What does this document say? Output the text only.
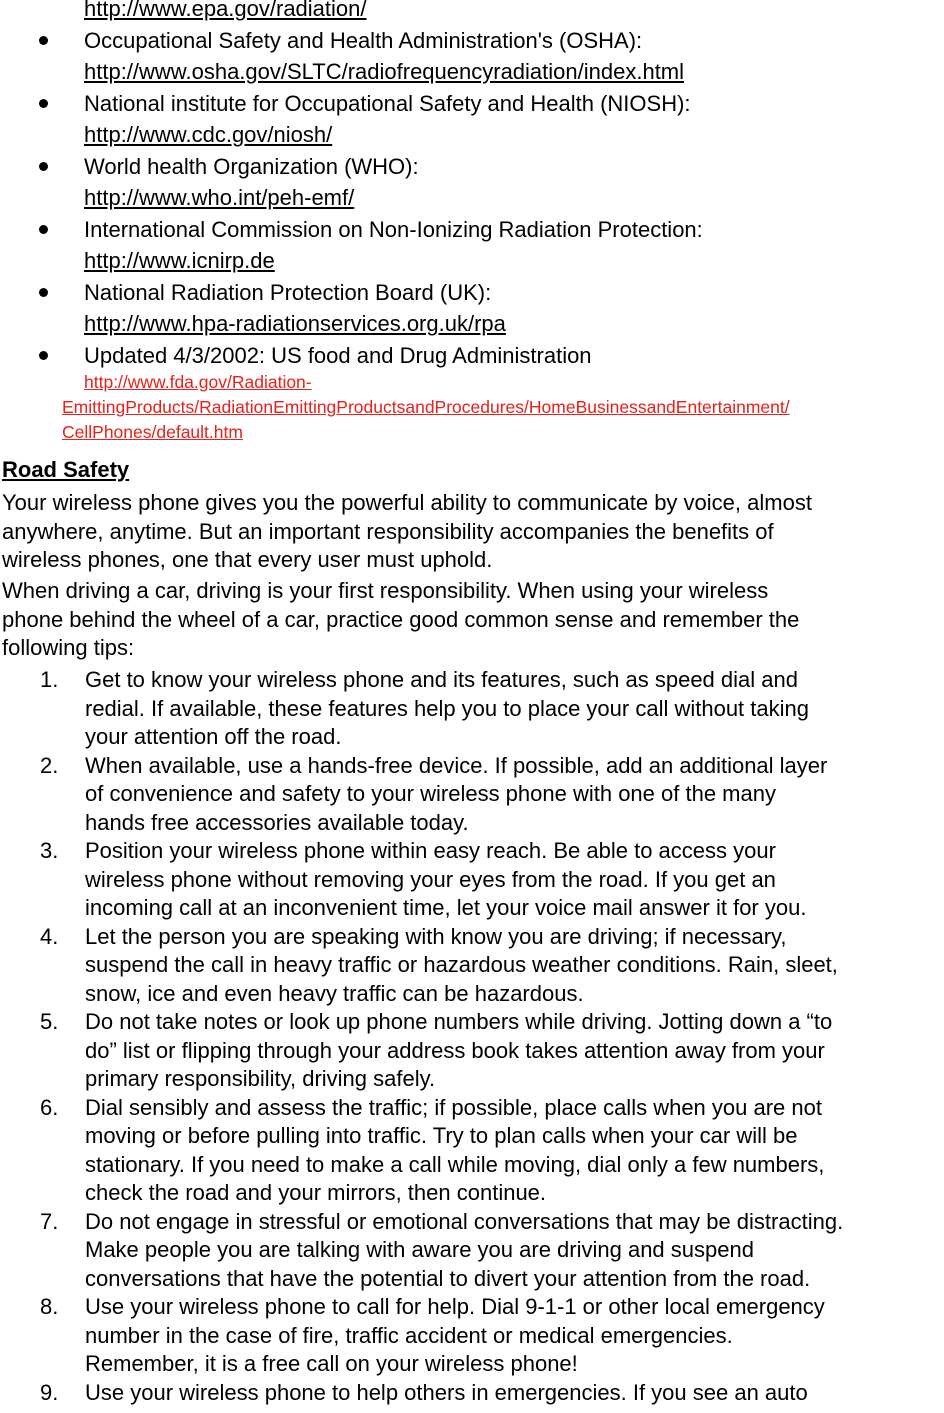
http://www.epa.gov/radiation/
Occupational Safety and Health Administration's (OSHA):
http://www.osha.gov/SLTC/radiofrequencyradiation/index.html
National institute for Occupational Safety and Health (NIOSH):
http://www.cdc.gov/niosh/
World health Organization (WHO):
http://www.who.int/peh-emf/
International Commission on Non-Ionizing Radiation Protection:
http://www.icnirp.de
National Radiation Protection Board (UK):
http://www.hpa-radiationservices.org.uk/rpa
Updated 4/3/2002: US food and Drug Administration
http://www.fda.gov/Radiation-
EmittingProducts/RadiationEmittingProductsandProcedures/HomeBusinessandEntertainment/
CellPhones/default.htm
Road Safety
Your wireless phone gives you the powerful ability to communicate by voice, almost
anywhere, anytime. But an important responsibility accompanies the benefits of
wireless phones, one that every user must uphold.
When driving a car, driving is your first responsibility. When using your wireless
phone behind the wheel of a car, practice good common sense and remember the
following tips:
1. Get to know your wireless phone and its features, such as speed dial and
redial. If available, these features help you to place your call without taking
your attention off the road.
2. When available, use a hands-free device. If possible, add an additional layer
of convenience and safety to your wireless phone with one of the many
hands free accessories available today.
3. Position your wireless phone within easy reach. Be able to access your
wireless phone without removing your eyes from the road. If you get an
incoming call at an inconvenient time, let your voice mail answer it for you.
4. Let the person you are speaking with know you are driving; if necessary,
suspend the call in heavy traffic or hazardous weather conditions. Rain, sleet,
snow, ice and even heavy traffic can be hazardous.
5. Do not take notes or look up phone numbers while driving. Jotting down a “to
do” list or flipping through your address book takes attention away from your
primary responsibility, driving safely.
6. Dial sensibly and assess the traffic; if possible, place calls when you are not
moving or before pulling into traffic. Try to plan calls when your car will be
stationary. If you need to make a call while moving, dial only a few numbers,
check the road and your mirrors, then continue.
7. Do not engage in stressful or emotional conversations that may be distracting.
Make people you are talking with aware you are driving and suspend
conversations that have the potential to divert your attention from the road.
8. Use your wireless phone to call for help. Dial 9-1-1 or other local emergency
number in the case of fire, traffic accident or medical emergencies.
Remember, it is a free call on your wireless phone!
9. Use your wireless phone to help others in emergencies. If you see an auto
